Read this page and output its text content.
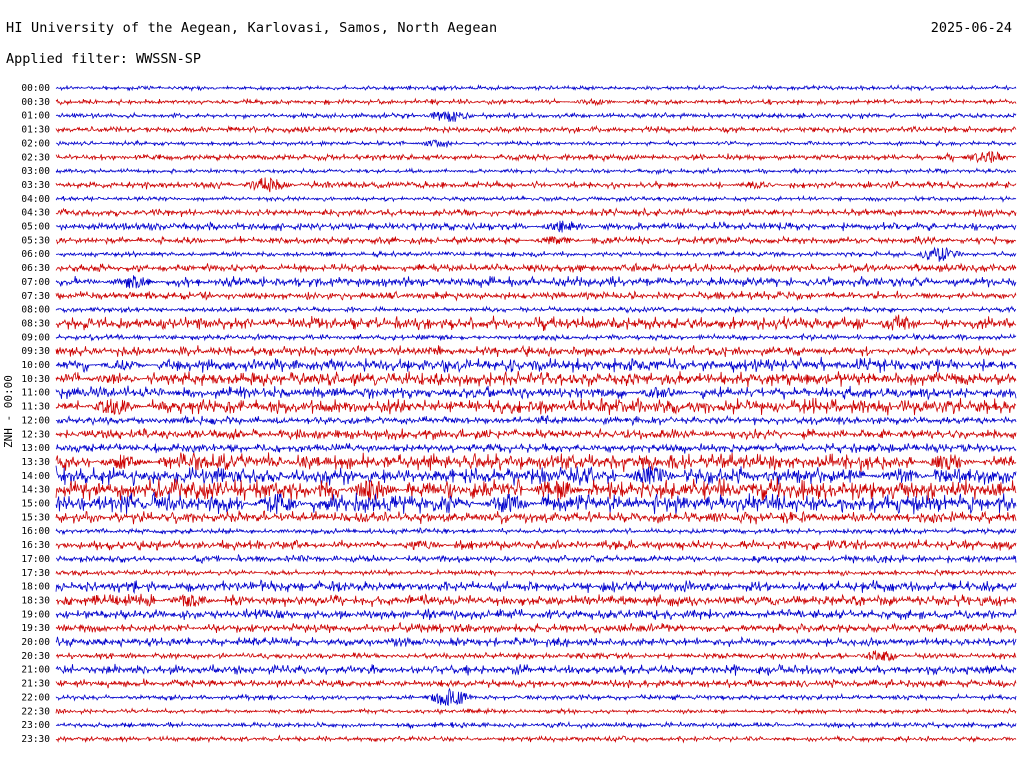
HI University of the Aegean, Karlovasi, Samos, North Aegean	2025-06-24
Applied filter: WWSSN-SP
ZNH - 00:00
00:00
00:30
01:00
01:30
02:00
02:30
03:00
03:30
04:00
04:30
05:00
05:30
06:00
06:30
07:00
07:30
08:00
08:30
09:00
09:30
10:00
10:30
11:00
11:30
12:00
12:30
13:00
13:30
14:00
14:30
15:00
15:30
16:00
16:30
17:00
17:30
18:00
18:30
19:00
19:30
20:00
20:30
21:00
21:30
22:00
22:30
23:00
23:30
